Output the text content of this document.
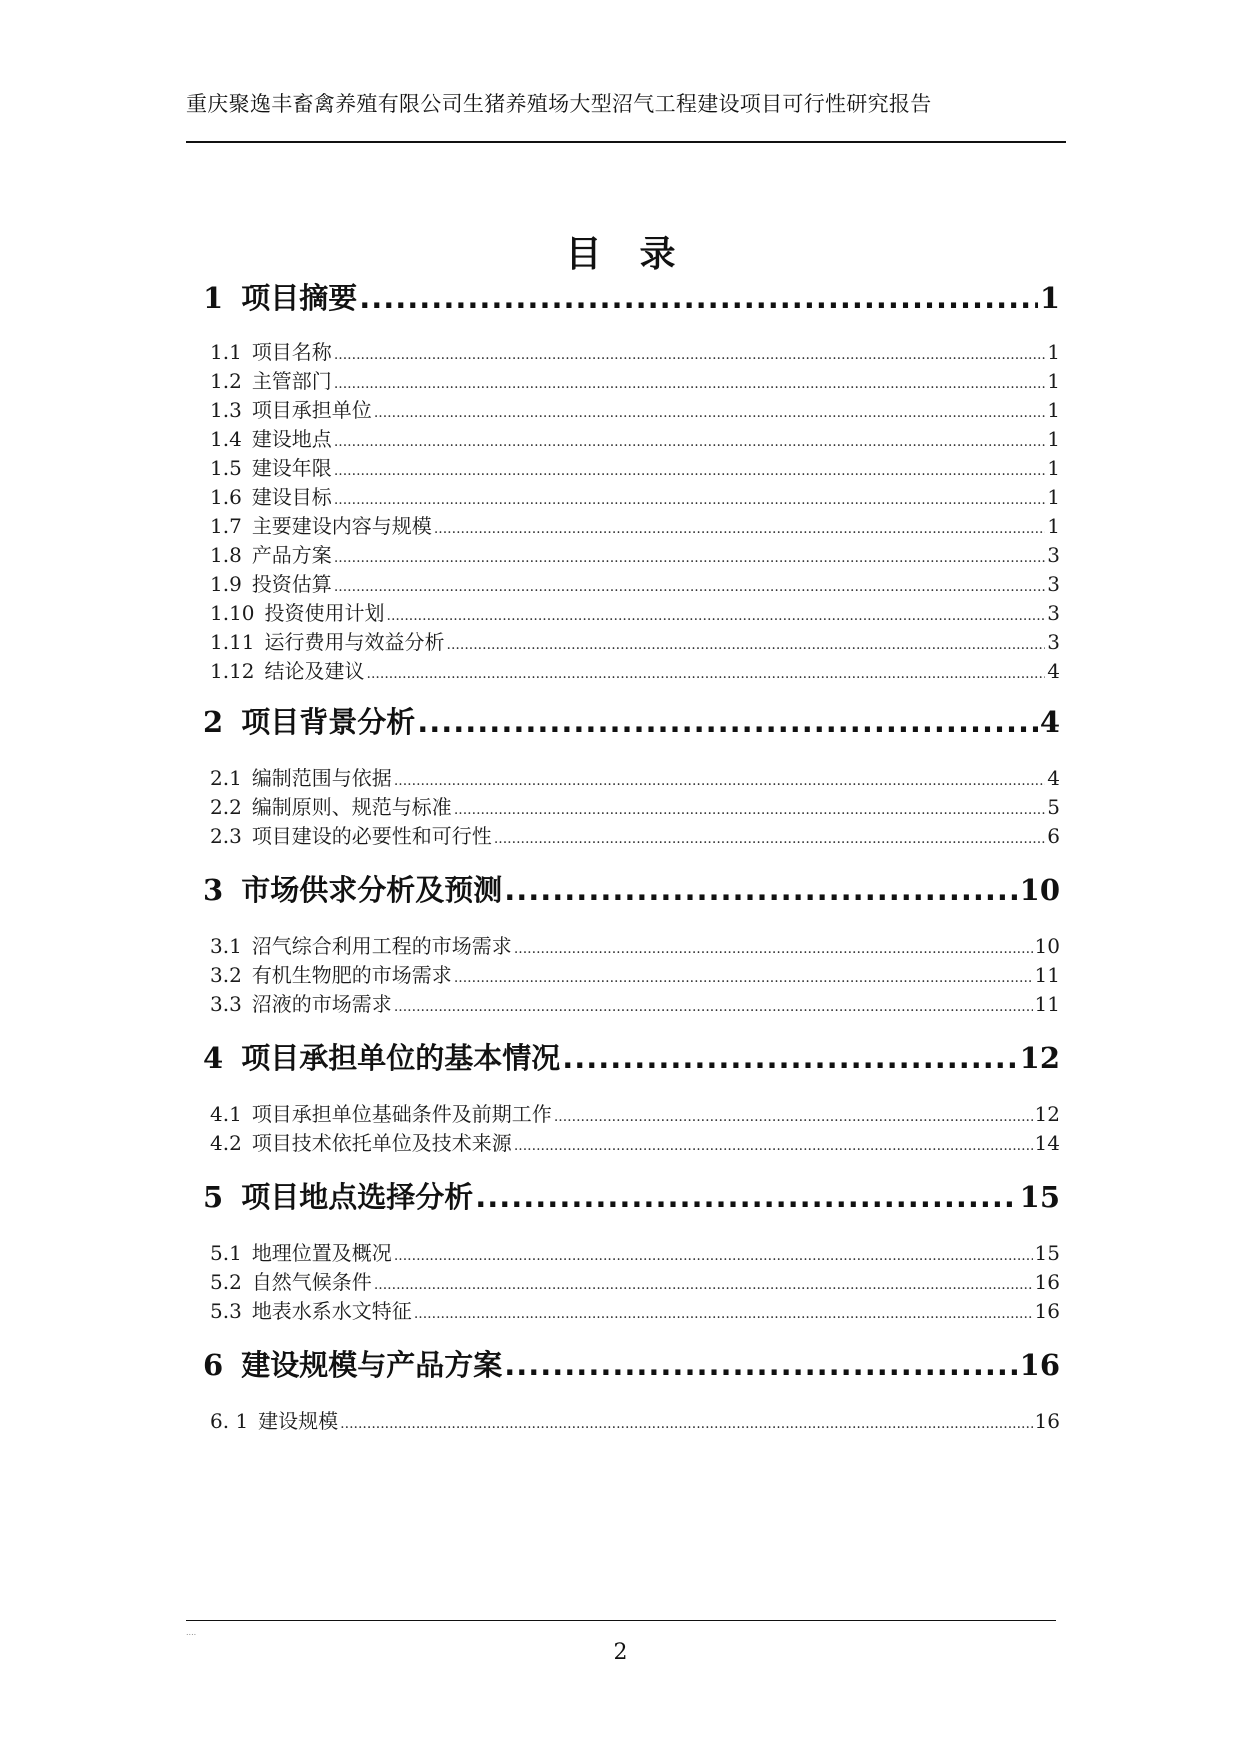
重庆聚逸丰畜禽养殖有限公司生猪养殖场大型沼气工程建设项目可行性研究报告
目 录
1 项目摘要 .....	1
1.1 项目名称 .....	1
1.2 主管部门 .....	1
1.3 项目承担单位 .....	1
1.4 建设地点 .....	1
1.5 建设年限 .....	1
1.6 建设目标 .....	1
1.7 主要建设内容与规模 .....	1
1.8 产品方案 .....	3
1.9 投资估算 .....	3
1.10 投资使用计划 .....	3
1.11 运行费用与效益分析 .....	3
1.12 结论及建议 .....	4
2 项目背景分析 .....	4
2.1 编制范围与依据 .....	4
2.2 编制原则、规范与标准 .....	5
2.3 项目建设的必要性和可行性 .....	6
3 市场供求分析及预测 .....	10
3.1 沼气综合利用工程的市场需求 .....	10
3.2 有机生物肥的市场需求 .....	11
3.3 沼液的市场需求 .....	11
4 项目承担单位的基本情况 .....	12
4.1 项目承担单位基础条件及前期工作 .....	12
4.2 项目技术依托单位及技术来源 .....	14
5 项目地点选择分析 .....	15
5.1 地理位置及概况 .....	15
5.2 自然气候条件 .....	16
5.3 地表水系水文特征 .....	16
6 建设规模与产品方案 .....	16
6. 1 建设规模 .....	16
....
2
